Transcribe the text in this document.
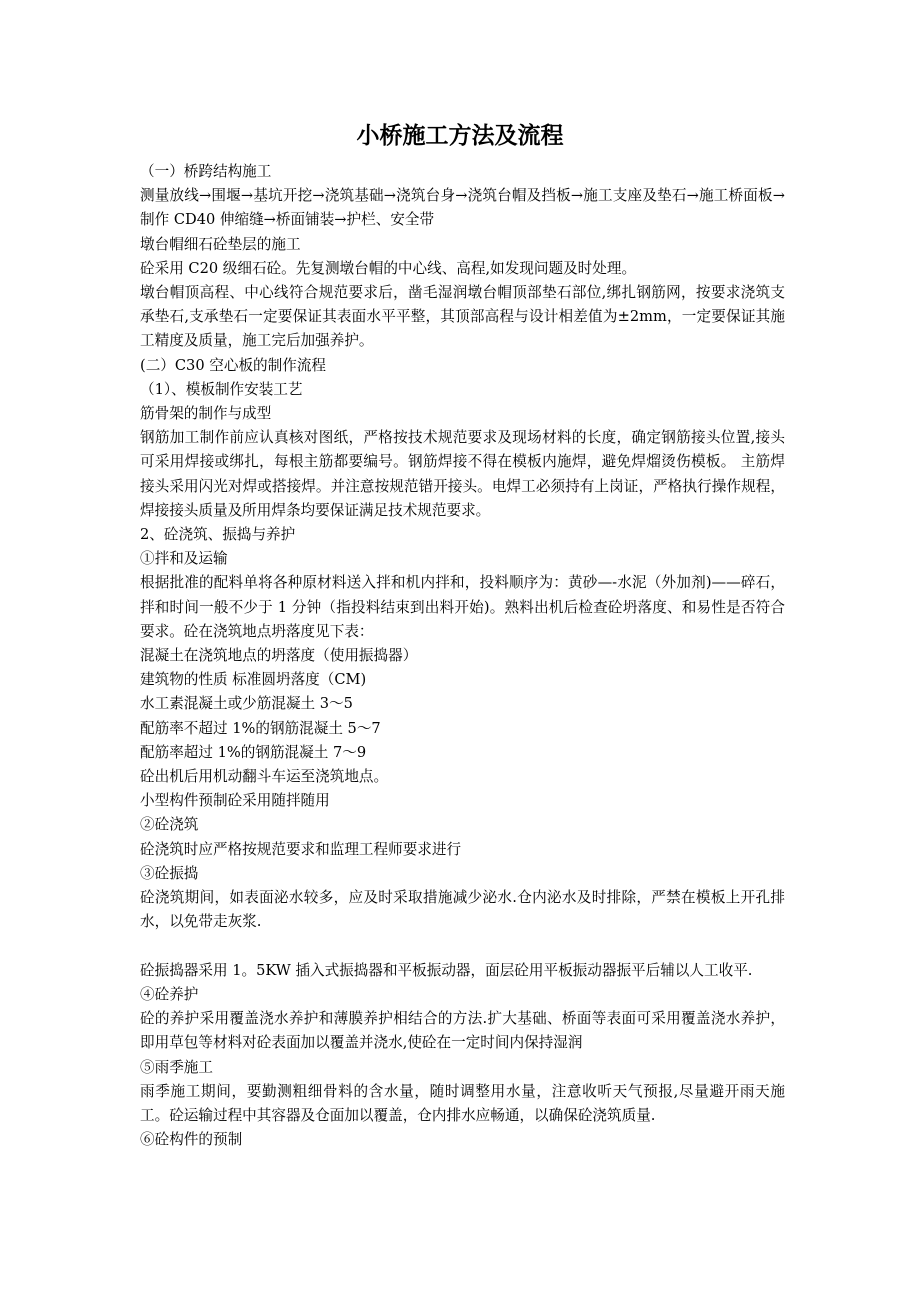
小桥施工方法及流程

（一）桥跨结构施工

测量放线→围堰→基坑开挖→浇筑基础→浇筑台身→浇筑台帽及挡板→施工支座及垫石→施工桥面板→制作 CD40 伸缩缝→桥面铺装→护栏、安全带

墩台帽细石砼垫层的施工

砼采用 C20 级细石砼。先复测墩台帽的中心线、高程,如发现问题及时处理。

墩台帽顶高程、中心线符合规范要求后，凿毛湿润墩台帽顶部垫石部位,绑扎钢筋网，按要求浇筑支承垫石,支承垫石一定要保证其表面水平平整，其顶部高程与设计相差值为±2mm，一定要保证其施工精度及质量，施工完后加强养护。

(二）C30 空心板的制作流程

（1）、模板制作安装工艺

筋骨架的制作与成型

钢筋加工制作前应认真核对图纸，严格按技术规范要求及现场材料的长度，确定钢筋接头位置,接头可采用焊接或绑扎，每根主筋都要编号。钢筋焊接不得在模板内施焊，避免焊熘烫伤模板。 主筋焊接头采用闪光对焊或搭接焊。并注意按规范错开接头。电焊工必须持有上岗证，严格执行操作规程，焊接接头质量及所用焊条均要保证满足技术规范要求。

2、砼浇筑、振捣与养护

①拌和及运输

根据批准的配料单将各种原材料送入拌和机内拌和，投料顺序为：黄砂—-水泥（外加剂)——碎石，拌和时间一般不少于 1 分钟（指投料结束到出料开始)。熟料出机后检查砼坍落度、和易性是否符合要求。砼在浇筑地点坍落度见下表：

混凝土在浇筑地点的坍落度（使用振捣器）

建筑物的性质 标准圆坍落度（CM)

水工素混凝土或少筋混凝土 3～5

配筋率不超过 1%的钢筋混凝土 5～7

配筋率超过 1%的钢筋混凝土 7～9

砼出机后用机动翻斗车运至浇筑地点。

小型构件预制砼采用随拌随用

②砼浇筑

砼浇筑时应严格按规范要求和监理工程师要求进行

③砼振捣

砼浇筑期间，如表面泌水较多，应及时采取措施减少泌水.仓内泌水及时排除，严禁在模板上开孔排水，以免带走灰浆.

砼振捣器采用 1。5KW 插入式振捣器和平板振动器，面层砼用平板振动器振平后辅以人工收平.

④砼养护

砼的养护采用覆盖浇水养护和薄膜养护相结合的方法.扩大基础、桥面等表面可采用覆盖浇水养护，即用草包等材料对砼表面加以覆盖并浇水,使砼在一定时间内保持湿润

⑤雨季施工

雨季施工期间，要勤测粗细骨料的含水量，随时调整用水量，注意收听天气预报,尽量避开雨天施工。砼运输过程中其容器及仓面加以覆盖，仓内排水应畅通，以确保砼浇筑质量.

⑥砼构件的预制
